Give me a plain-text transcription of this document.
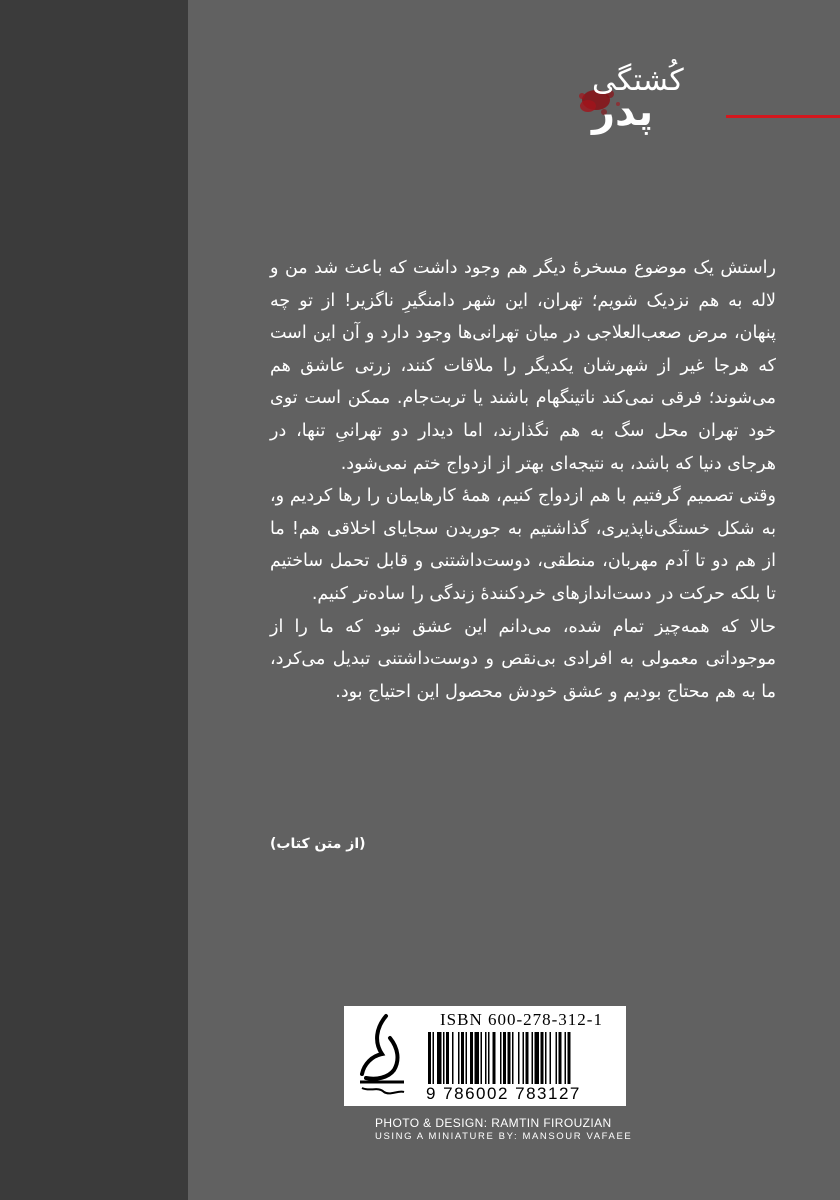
کُشتگی
پدر

راستش یک موضوع مسخرهٔ دیگر هم وجود داشت که باعث شد من و لاله به هم نزدیک شویم؛ تهران، این شهر دامنگیرِ ناگزیر! از تو چه پنهان، مرض صعب‌العلاجی در میان تهرانی‌ها وجود دارد و آن این است که هرجا غیر از شهرشان یکدیگر را ملاقات کنند، زرتی عاشق هم می‌شوند؛ فرقی نمی‌کند ناتینگهام باشند یا تربت‌جام. ممکن است توی خود تهران محل سگ به هم نگذارند، اما دیدار دو تهرانیِ تنها، در هرجای دنیا که باشد، به نتیجه‌ای بهتر از ازدواج ختم نمی‌شود.

وقتی تصمیم گرفتیم با هم ازدواج کنیم، همهٔ کارهایمان را رها کردیم و، به شکل خستگی‌ناپذیری، گذاشتیم به جوریدن سجایای اخلاقی هم! ما از هم دو تا آدم مهربان، منطقی، دوست‌داشتنی و قابل تحمل ساختیم تا بلکه حرکت در دست‌اندازهای خردکنندهٔ زندگی را ساده‌تر کنیم.

حالا که همه‌چیز تمام شده، می‌دانم این عشق نبود که ما را از موجوداتی معمولی به افرادی بی‌نقص و دوست‌داشتنی تبدیل می‌کرد، ما به هم محتاج بودیم و عشق خودش محصول این احتیاج بود.

(از متن کتاب)
ISBN 600-278-312-1
9 786002 783127
PHOTO & DESIGN: RAMTIN FIROUZIAN
USING A MINIATURE BY: MANSOUR VAFAEE
